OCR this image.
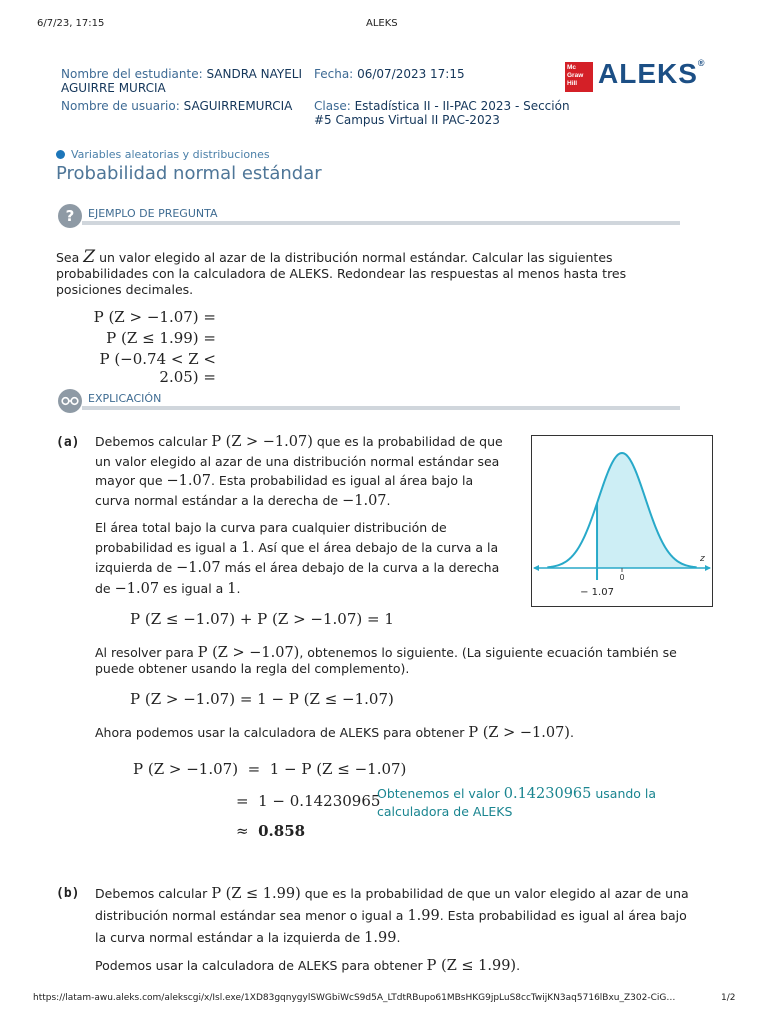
6/7/23, 17:15	ALEKS
Nombre del estudiante: SANDRA NAYELI
AGUIRRE MURCIA
Nombre de usuario: SAGUIRREMURCIA
Fecha: 06/07/2023 17:15
Clase: Estadística II - II-PAC 2023 - Sección
#5 Campus Virtual II PAC-2023
Mc
Graw
Hill ALEKS®
Variables aleatorias y distribuciones
Probabilidad normal estándar
?	EJEMPLO DE PREGUNTA
Sea Z un valor elegido al azar de la distribución normal estándar. Calcular las siguientes
probabilidades con la calculadora de ALEKS. Redondear las respuestas al menos hasta tres
posiciones decimales.
P (Z > −1.07) =
P (Z ≤ 1.99) =
P (−0.74 < Z < 2.05) =
EXPLICACIÓN
(a) Debemos calcular P (Z > −1.07) que es la probabilidad de que
un valor elegido al azar de una distribución normal estándar sea
mayor que −1.07. Esta probabilidad es igual al área bajo la
curva normal estándar a la derecha de −1.07.
El área total bajo la curva para cualquier distribución de
probabilidad es igual a 1. Así que el área debajo de la curva a la
izquierda de −1.07 más el área debajo de la curva a la derecha
de −1.07 es igual a 1.
P (Z ≤ −1.07) + P (Z > −1.07) = 1
Al resolver para P (Z > −1.07), obtenemos lo siguiente. (La siguiente ecuación también se
puede obtener usando la regla del complemento).
P (Z > −1.07) = 1 − P (Z ≤ −1.07)
Ahora podemos usar la calculadora de ALEKS para obtener P (Z > −1.07).
P (Z > −1.07)  =  1 − P (Z ≤ −1.07)
=  1 − 0.14230965
≈ 0.858
Obtenemos el valor 0.14230965 usando la
calculadora de ALEKS
z
0
− 1.07
(b) Debemos calcular P (Z ≤ 1.99) que es la probabilidad de que un valor elegido al azar de una
distribución normal estándar sea menor o igual a 1.99. Esta probabilidad es igual al área bajo
la curva normal estándar a la izquierda de 1.99.
Podemos usar la calculadora de ALEKS para obtener P (Z ≤ 1.99).
https://latam-awu.aleks.com/alekscgi/x/Isl.exe/1XD83gqnygylSWGbiWcS9d5A_LTdtRBupo61MBsHKG9jpLuS8ccTwijKN3aq5716lBxu_Z302-CiG…	1/2
